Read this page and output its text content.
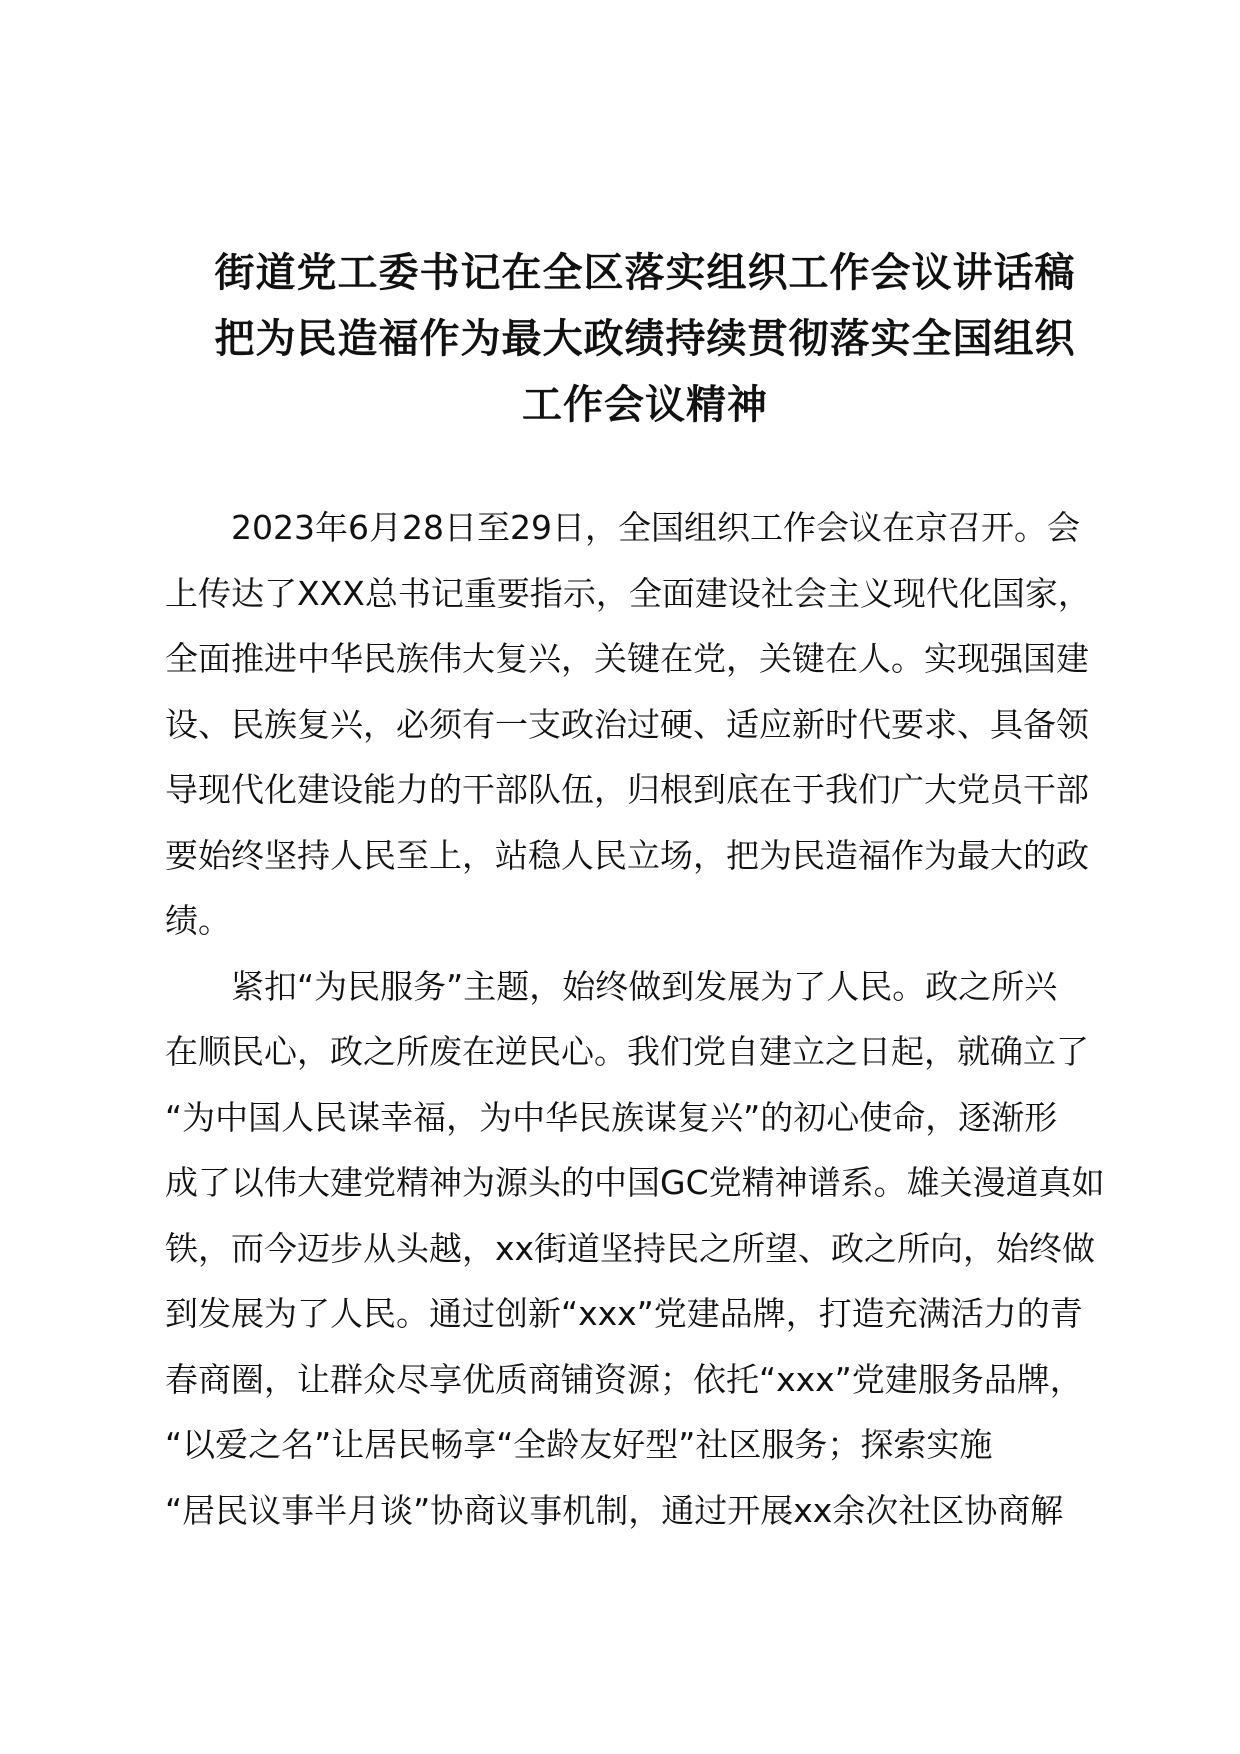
街道党工委书记在全区落实组织工作会议讲话稿
把为民造福作为最大政绩持续贯彻落实全国组织
工作会议精神
2023年6月28日至29日，全国组织工作会议在京召开。会
上传达了XXX总书记重要指示，全面建设社会主义现代化国家，
全面推进中华民族伟大复兴，关键在党，关键在人。实现强国建
设、民族复兴，必须有一支政治过硬、适应新时代要求、具备领
导现代化建设能力的干部队伍，归根到底在于我们广大党员干部
要始终坚持人民至上，站稳人民立场，把为民造福作为最大的政
绩。
紧扣“为民服务”主题，始终做到发展为了人民。政之所兴
在顺民心，政之所废在逆民心。我们党自建立之日起，就确立了
“为中国人民谋幸福，为中华民族谋复兴”的初心使命，逐渐形
成了以伟大建党精神为源头的中国GC党精神谱系。雄关漫道真如
铁，而今迈步从头越，xx街道坚持民之所望、政之所向，始终做
到发展为了人民。通过创新“xxx”党建品牌，打造充满活力的青
春商圈，让群众尽享优质商铺资源；依托“xxx”党建服务品牌，
“以爱之名”让居民畅享“全龄友好型”社区服务；探索实施
“居民议事半月谈”协商议事机制，通过开展xx余次社区协商解
